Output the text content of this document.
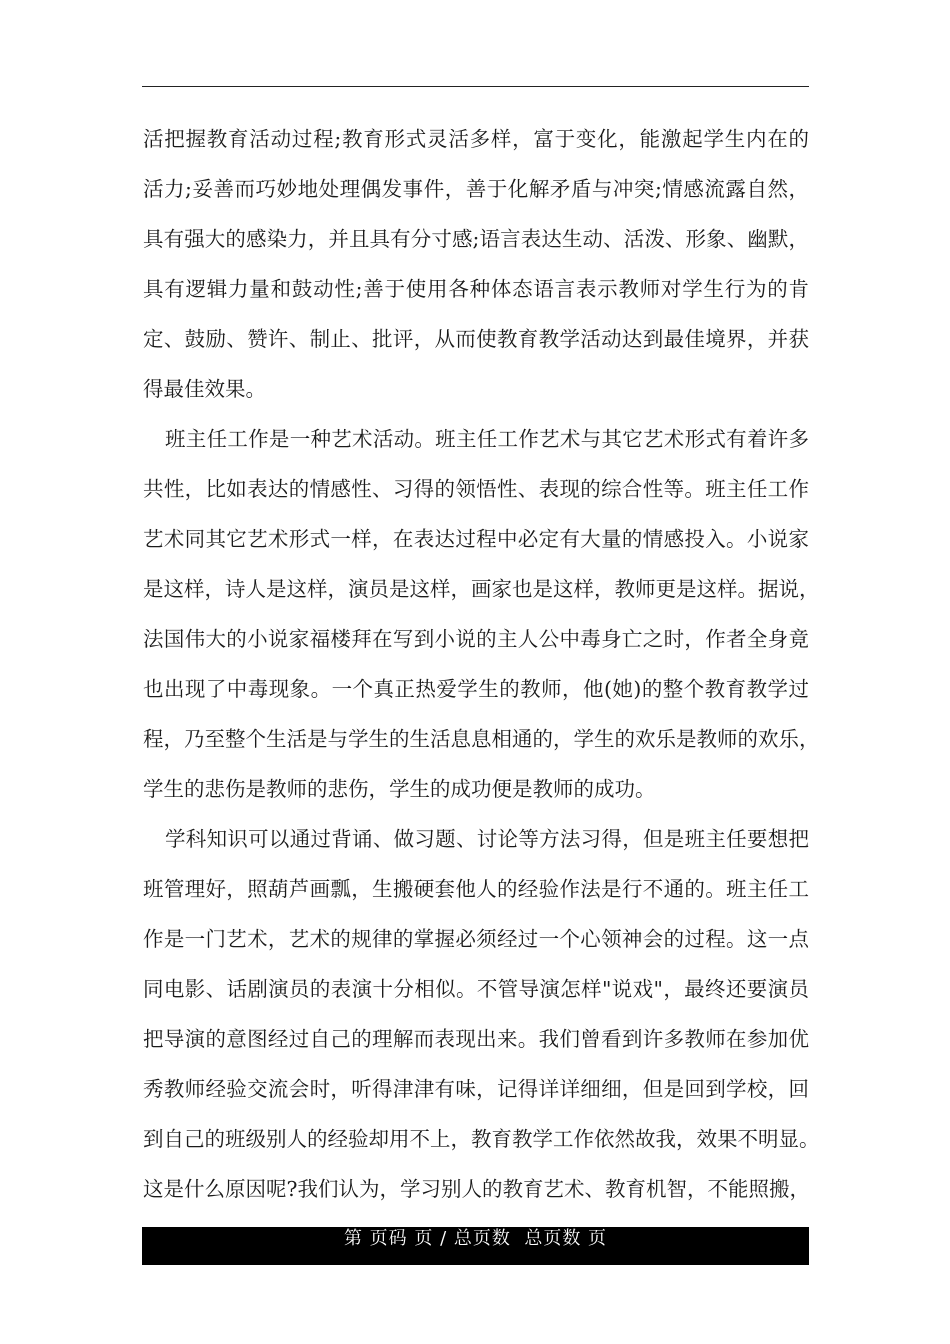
活把握教育活动过程;教育形式灵活多样，富于变化，能激起学生内在的
活力;妥善而巧妙地处理偶发事件，善于化解矛盾与冲突;情感流露自然，
具有强大的感染力，并且具有分寸感;语言表达生动、活泼、形象、幽默，
具有逻辑力量和鼓动性;善于使用各种体态语言表示教师对学生行为的肯
定、鼓励、赞许、制止、批评，从而使教育教学活动达到最佳境界，并获
得最佳效果。
班主任工作是一种艺术活动。班主任工作艺术与其它艺术形式有着许多
共性，比如表达的情感性、习得的领悟性、表现的综合性等。班主任工作
艺术同其它艺术形式一样，在表达过程中必定有大量的情感投入。小说家
是这样，诗人是这样，演员是这样，画家也是这样，教师更是这样。据说，
法国伟大的小说家福楼拜在写到小说的主人公中毒身亡之时，作者全身竟
也出现了中毒现象。一个真正热爱学生的教师，他(她)的整个教育教学过
程，乃至整个生活是与学生的生活息息相通的，学生的欢乐是教师的欢乐，
学生的悲伤是教师的悲伤，学生的成功便是教师的成功。
学科知识可以通过背诵、做习题、讨论等方法习得，但是班主任要想把
班管理好，照葫芦画瓢，生搬硬套他人的经验作法是行不通的。班主任工
作是一门艺术，艺术的规律的掌握必须经过一个心领神会的过程。这一点
同电影、话剧演员的表演十分相似。不管导演怎样"说戏"，最终还要演员
把导演的意图经过自己的理解而表现出来。我们曾看到许多教师在参加优
秀教师经验交流会时，听得津津有味，记得详详细细，但是回到学校，回
到自己的班级别人的经验却用不上，教育教学工作依然故我，效果不明显。
这是什么原因呢?我们认为，学习别人的教育艺术、教育机智，不能照搬，
第 页码 页 / 总页数  总页数 页
